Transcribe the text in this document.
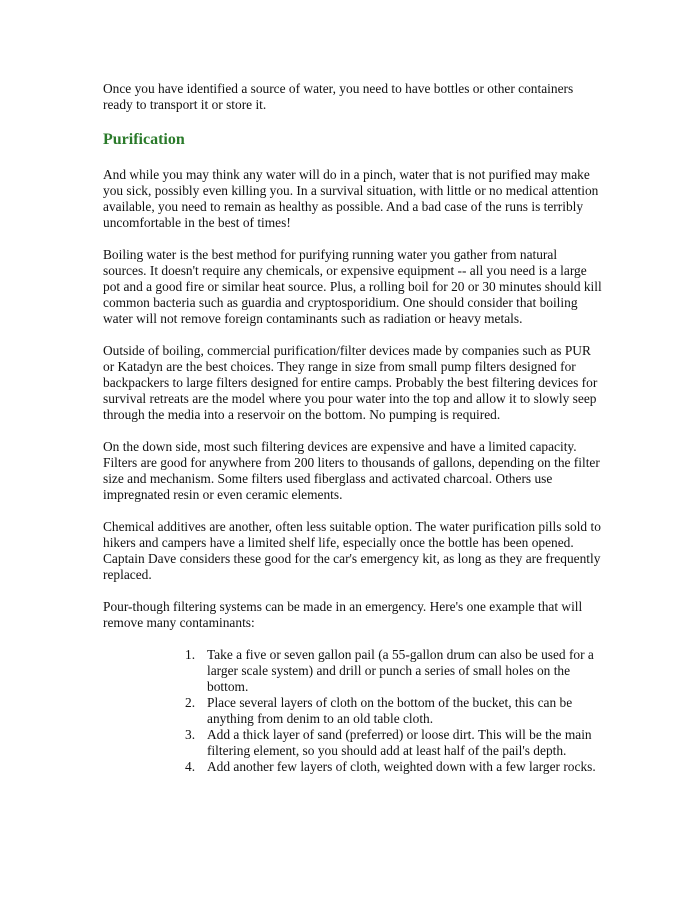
Once you have identified a source of water, you need to have bottles or other containers ready to transport it or store it.

Purification

And while you may think any water will do in a pinch, water that is not purified may make you sick, possibly even killing you. In a survival situation, with little or no medical attention available, you need to remain as healthy as possible. And a bad case of the runs is terribly uncomfortable in the best of times!

Boiling water is the best method for purifying running water you gather from natural sources. It doesn't require any chemicals, or expensive equipment -- all you need is a large pot and a good fire or similar heat source. Plus, a rolling boil for 20 or 30 minutes should kill common bacteria such as guardia and cryptosporidium. One should consider that boiling water will not remove foreign contaminants such as radiation or heavy metals.

Outside of boiling, commercial purification/filter devices made by companies such as PUR or Katadyn are the best choices. They range in size from small pump filters designed for backpackers to large filters designed for entire camps. Probably the best filtering devices for survival retreats are the model where you pour water into the top and allow it to slowly seep through the media into a reservoir on the bottom. No pumping is required.

On the down side, most such filtering devices are expensive and have a limited capacity. Filters are good for anywhere from 200 liters to thousands of gallons, depending on the filter size and mechanism. Some filters used fiberglass and activated charcoal. Others use impregnated resin or even ceramic elements.

Chemical additives are another, often less suitable option. The water purification pills sold to hikers and campers have a limited shelf life, especially once the bottle has been opened. Captain Dave considers these good for the car's emergency kit, as long as they are frequently replaced.

Pour-though filtering systems can be made in an emergency. Here's one example that will remove many contaminants:

1. Take a five or seven gallon pail (a 55-gallon drum can also be used for a larger scale system) and drill or punch a series of small holes on the bottom.
2. Place several layers of cloth on the bottom of the bucket, this can be anything from denim to an old table cloth.
3. Add a thick layer of sand (preferred) or loose dirt. This will be the main filtering element, so you should add at least half of the pail's depth.
4. Add another few layers of cloth, weighted down with a few larger rocks.
